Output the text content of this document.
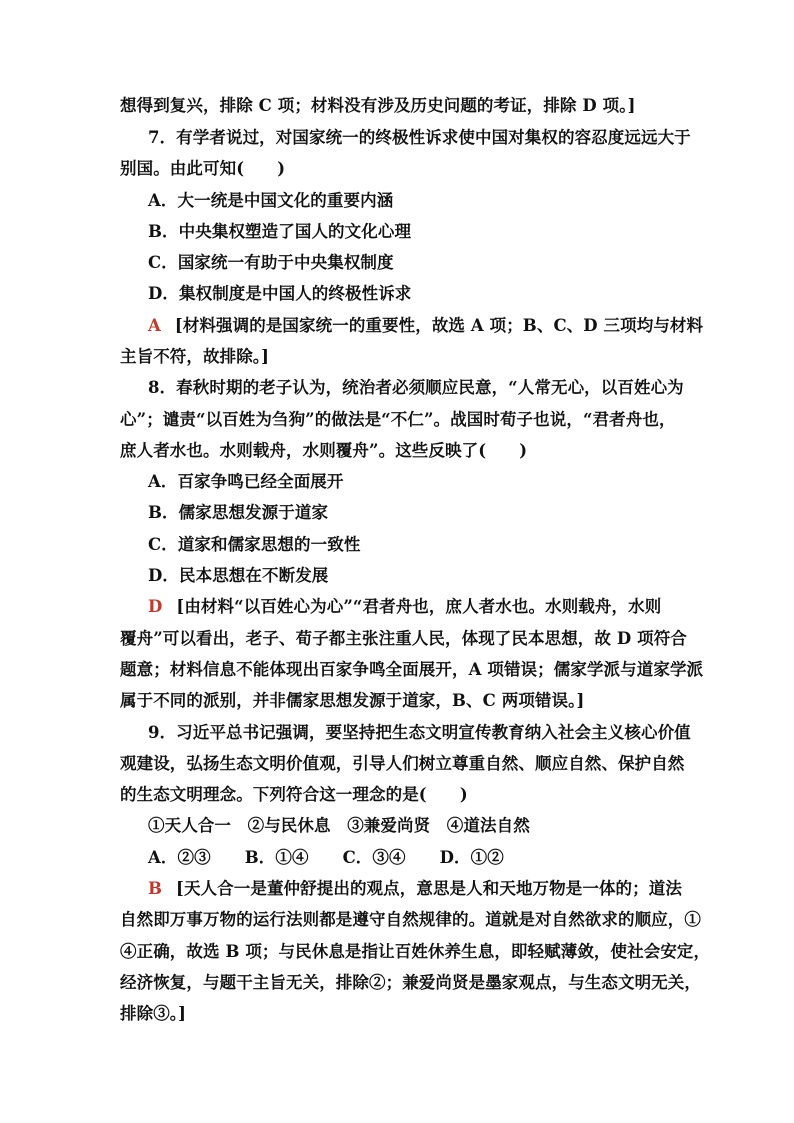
想得到复兴，排除 C 项；材料没有涉及历史问题的考证，排除 D 项。]
7．有学者说过，对国家统一的终极性诉求使中国对集权的容忍度远远大于
别国。由此可知(　　)
A．大一统是中国文化的重要内涵
B．中央集权塑造了国人的文化心理
C．国家统一有助于中央集权制度
D．集权制度是中国人的终极性诉求
A [材料强调的是国家统一的重要性，故选 A 项；B、C、D 三项均与材料
主旨不符，故排除。]
8．春秋时期的老子认为，统治者必须顺应民意，“人常无心，以百姓心为
心”；谴责“以百姓为刍狗”的做法是“不仁”。战国时荀子也说，“君者舟也，
庶人者水也。水则载舟，水则覆舟”。这些反映了(　　)
A．百家争鸣已经全面展开
B．儒家思想发源于道家
C．道家和儒家思想的一致性
D．民本思想在不断发展
D [由材料“以百姓心为心”“君者舟也，庶人者水也。水则载舟，水则
覆舟”可以看出，老子、荀子都主张注重人民，体现了民本思想，故 D 项符合
题意；材料信息不能体现出百家争鸣全面展开，A 项错误；儒家学派与道家学派
属于不同的派别，并非儒家思想发源于道家，B、C 两项错误。]
9．习近平总书记强调，要坚持把生态文明宣传教育纳入社会主义核心价值
观建设，弘扬生态文明价值观，引导人们树立尊重自然、顺应自然、保护自然
的生态文明理念。下列符合这一理念的是(　　)
①天人合一　②与民休息　③兼爱尚贤　④道法自然
A．②③ B．①④ C．③④ D．①②
B [天人合一是董仲舒提出的观点，意思是人和天地万物是一体的；道法
自然即万事万物的运行法则都是遵守自然规律的。道就是对自然欲求的顺应，①
④正确，故选 B 项；与民休息是指让百姓休养生息，即轻赋薄敛，使社会安定，
经济恢复，与题干主旨无关，排除②；兼爱尚贤是墨家观点，与生态文明无关，
排除③。]
